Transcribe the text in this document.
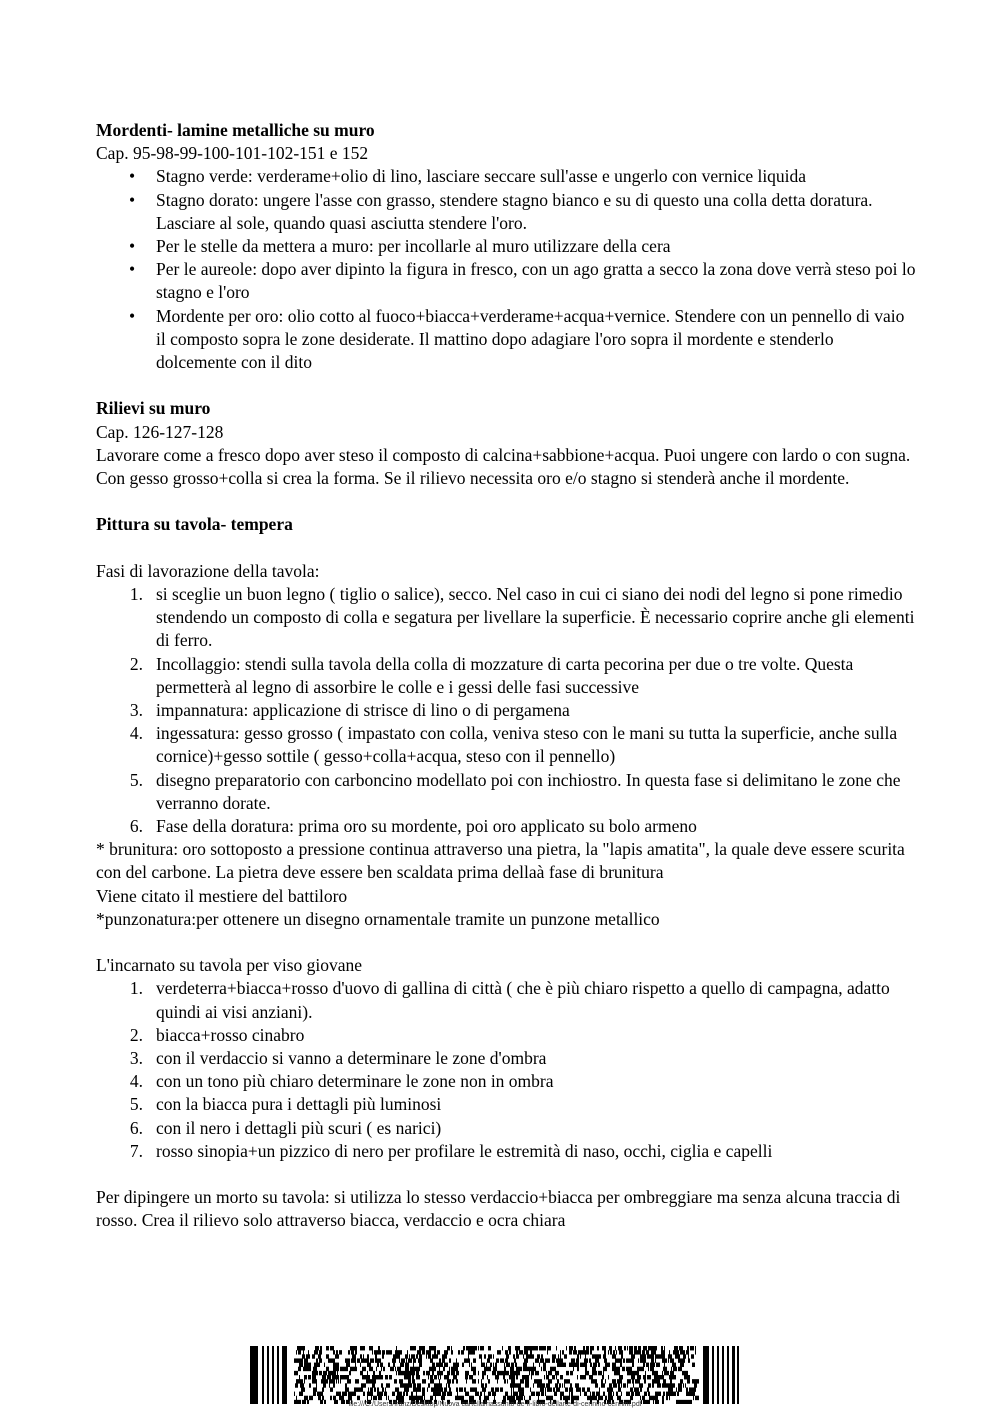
Mordenti- lamine metalliche su muro
Cap. 95-98-99-100-101-102-151 e 152
• Stagno verde: verderame+olio di lino, lasciare seccare sull'asse e ungerlo con vernice liquida
• Stagno dorato: ungere l'asse con grasso, stendere stagno bianco e su di questo una colla detta doratura. Lasciare al sole, quando quasi asciutta stendere l'oro.
• Per le stelle da mettera a muro: per incollarle al muro utilizzare della cera
• Per le aureole: dopo aver dipinto la figura in fresco, con un ago gratta a secco la zona dove verrà steso poi lo stagno e l'oro
• Mordente per oro: olio cotto al fuoco+biacca+verderame+acqua+vernice. Stendere con un pennello di vaio il composto sopra le zone desiderate. Il mattino dopo adagiare l'oro sopra il mordente e stenderlo dolcemente con il dito
Rilievi su muro
Cap. 126-127-128

Lavorare come a fresco dopo aver steso il composto di calcina+sabbione+acqua. Puoi ungere con lardo o con sugna. Con gesso grosso+colla si crea la forma. Se il rilievo necessita oro e/o stagno si stenderà anche il mordente.

Pittura su tavola- tempera
Fasi di lavorazione della tavola:
1. si sceglie un buon legno ( tiglio o salice), secco. Nel caso in cui ci siano dei nodi del legno si pone rimedio stendendo un composto di colla e segatura per livellare la superficie. È necessario coprire anche gli elementi di ferro.
2. Incollaggio: stendi sulla tavola della colla di mozzature di carta pecorina per due o tre volte. Questa permetterà al legno di assorbire le colle e i gessi delle fasi successive
3. impannatura: applicazione di strisce di lino o di pergamena
4. ingessatura: gesso grosso ( impastato con colla, veniva steso con le mani su tutta la superficie, anche sulla cornice)+gesso sottile ( gesso+colla+acqua, steso con il pennello)
5. disegno preparatorio con carboncino modellato poi con inchiostro. In questa fase si delimitano le zone che verranno dorate.
6. Fase della doratura: prima oro su mordente, poi oro applicato su bolo armeno

* brunitura: oro sottoposto a pressione continua attraverso una pietra, la "lapis amatita", la quale deve essere scurita con del carbone. La pietra deve essere ben scaldata prima dellaà fase di brunitura

Viene citato il mestiere del battiloro

*punzonatura:per ottenere un disegno ornamentale tramite un punzone metallico

L'incarnato su tavola per viso giovane
1. verdeterra+biacca+rosso d'uovo di gallina di città ( che è più chiaro rispetto a quello di campagna, adatto quindi ai visi anziani).
2. biacca+rosso cinabro
3. con il verdaccio si vanno a determinare le zone d'ombra
4. con un tono più chiaro determinare le zone non in ombra
5. con la biacca pura i dettagli più luminosi
6. con il nero i dettagli più scuri ( es narici)
7. rosso sinopia+un pizzico di nero per profilare le estremità di naso, occhi, ciglia e capelli

Per dipingere un morto su tavola: si utilizza lo stesso verdaccio+biacca per ombreggiare ma senza alcuna traccia di rosso. Crea il rilievo solo attraverso biacca, verdaccio e ocra chiara

file:///C:/Users/franz/Desktop/Nuova cartella/riassunto-de-il-libro-dellarte-di-cennino-cennini.pdf
